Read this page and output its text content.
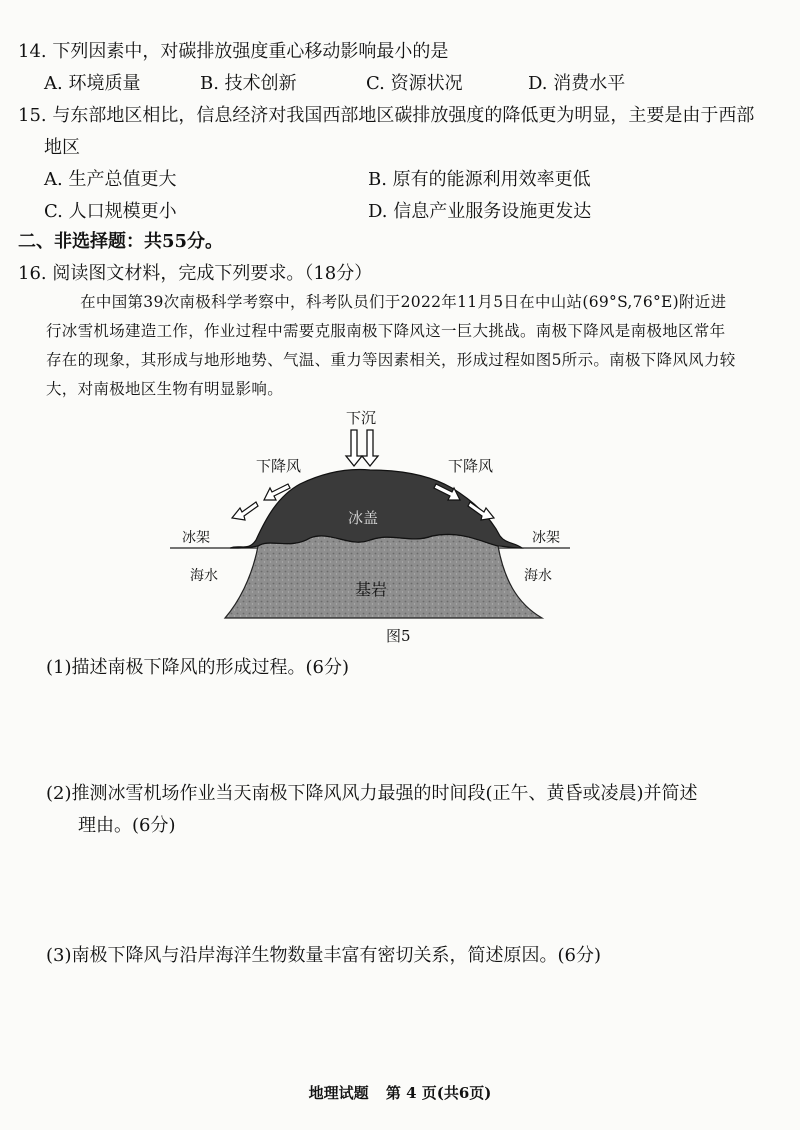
14. 下列因素中，对碳排放强度重心移动影响最小的是
A. 环境质量	B. 技术创新	C. 资源状况	D. 消费水平
15. 与东部地区相比，信息经济对我国西部地区碳排放强度的降低更为明显，主要是由于西部
地区
A. 生产总值更大	B. 原有的能源利用效率更低
C. 人口规模更小	D. 信息产业服务设施更发达
二、非选择题：共55分。
16. 阅读图文材料，完成下列要求。（18分）

在中国第39次南极科学考察中，科考队员们于2022年11月5日在中山站(69°S,76°E)附近进行冰雪机场建造工作，作业过程中需要克服南极下降风这一巨大挑战。南极下降风是南极地区常年存在的现象，其形成与地形地势、气温、重力等因素相关，形成过程如图5所示。南极下降风风力较大，对南极地区生物有明显影响。

下沉
下降风	下降风
冰盖
基岩
冰架	冰架
海水	海水
图5
(1)描述南极下降风的形成过程。(6分)
(2)推测冰雪机场作业当天南极下降风风力最强的时间段(正午、黄昏或凌晨)并简述
理由。(6分)
(3)南极下降风与沿岸海洋生物数量丰富有密切关系，简述原因。(6分)
地理试题 第 4 页(共6页)
